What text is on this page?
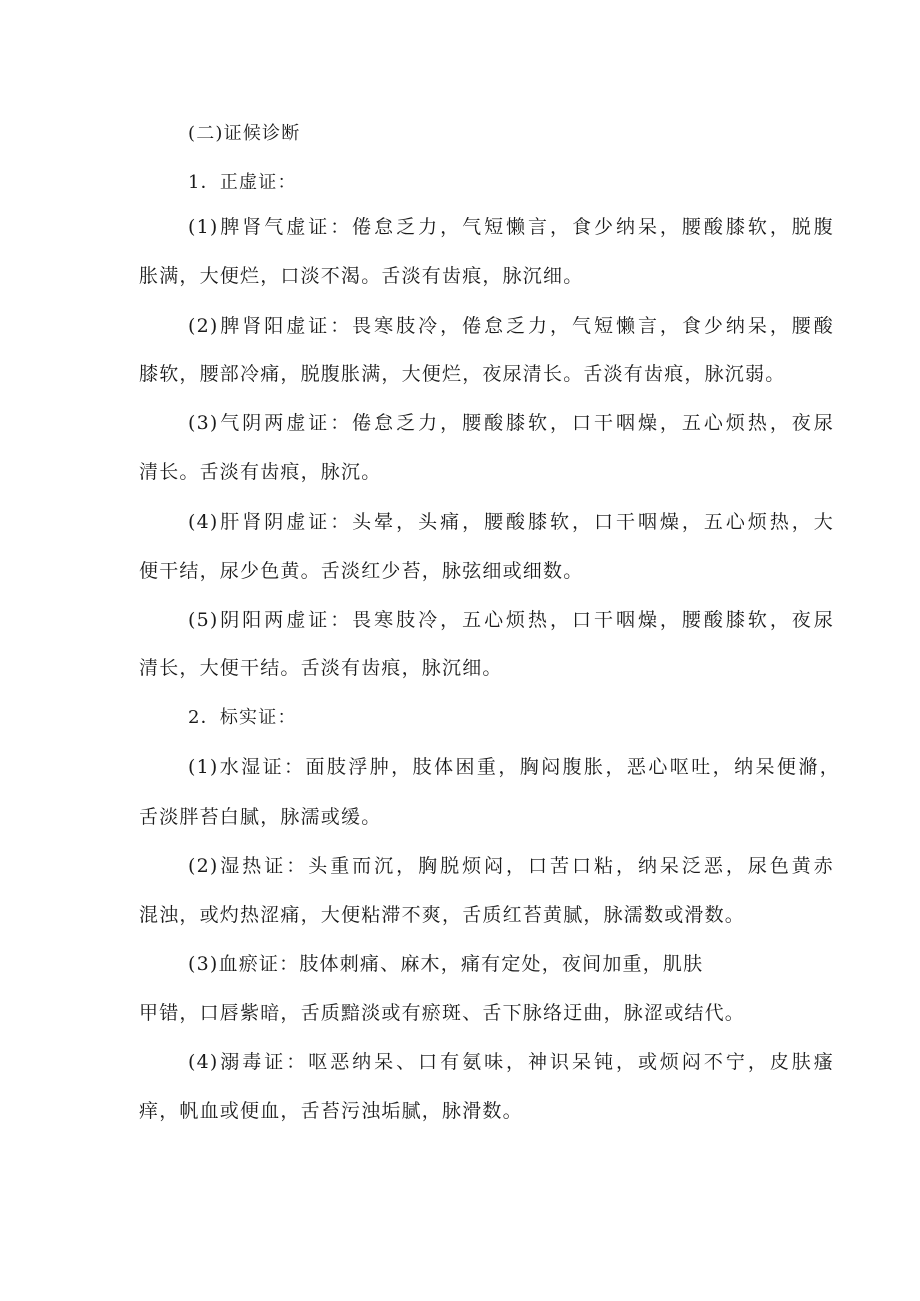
(二)证候诊断
1．正虚证：
(1)脾肾气虚证：倦怠乏力，气短懒言，食少纳呆，腰酸膝软，脱腹
胀满，大便烂，口淡不渴。舌淡有齿痕，脉沉细。
(2)脾肾阳虚证：畏寒肢冷，倦怠乏力，气短懒言，食少纳呆，腰酸
膝软，腰部冷痛，脱腹胀满，大便烂，夜尿清长。舌淡有齿痕，脉沉弱。
(3)气阴两虚证：倦怠乏力，腰酸膝软，口干咽燥，五心烦热，夜尿
清长。舌淡有齿痕，脉沉。
(4)肝肾阴虚证：头晕，头痛，腰酸膝软，口干咽燥，五心烦热，大
便干结，尿少色黄。舌淡红少苔，脉弦细或细数。
(5)阴阳两虚证：畏寒肢冷，五心烦热，口干咽燥，腰酸膝软，夜尿
清长，大便干结。舌淡有齿痕，脉沉细。
2．标实证：
(1)水湿证：面肢浮肿，肢体困重，胸闷腹胀，恶心呕吐，纳呆便滫，
舌淡胖苔白腻，脉濡或缓。
(2)湿热证：头重而沉，胸脱烦闷，口苦口粘，纳呆泛恶，尿色黄赤
混浊，或灼热涩痛，大便粘滞不爽，舌质红苔黄腻，脉濡数或滑数。
(3)血瘀证：肢体刺痛、麻木，痛有定处，夜间加重，肌肤
甲错，口唇紫暗，舌质黯淡或有瘀斑、舌下脉络迂曲，脉涩或结代。
(4)溺毒证：呕恶纳呆、口有氨味，神识呆钝，或烦闷不宁，皮肤瘙
痒，帆血或便血，舌苔污浊垢腻，脉滑数。
